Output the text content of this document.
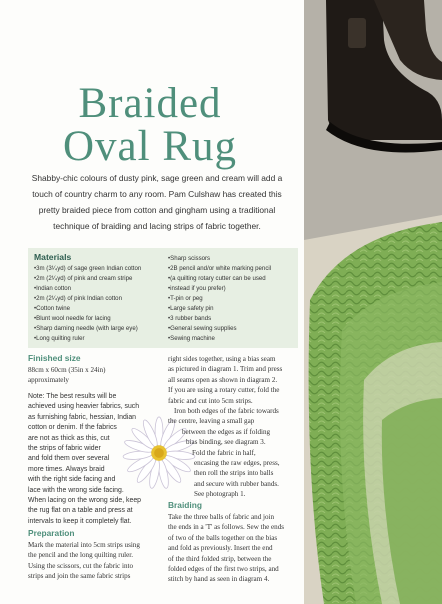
Braided
Oval Rug
Shabby-chic colours of dusty pink, sage green and cream will add a touch of country charm to any room. Pam Culshaw has created this pretty braided piece from cotton and gingham using a traditional technique of braiding and lacing strips of fabric together.
Materials
• 3m (3¹⁄₄yd) of sage green Indian cotton
• 2m (2¹⁄₄yd) of pink and cream stripe
• Indian cotton
• 2m (2¹⁄₄yd) of pink Indian cotton
• Cotton twine
• Blunt wool needle for lacing
• Sharp darning needle (with large eye)
• Long quilting ruler
• Sharp scissors
• 2B pencil and/or white marking pencil
• (a quilting rotary cutter can be used
• instead if you prefer)
• T-pin or peg
• Large safety pin
• 3 rubber bands
• General sewing supplies
• Sewing machine
Finished size

88cm x 60cm (35in x 24in)

approximately

Note: The best results will be

achieved using heavier fabrics, such

as furnishing fabric, hessian, Indian

cotton or denim. If the fabrics

are not as thick as this, cut

the strips of fabric wider

and fold them over several

more times. Always braid

with the right side facing and

lace with the wrong side facing.

When lacing on the wrong side, keep

the rug flat on a table and press at

intervals to keep it completely flat.

Preparation

Mark the material into 5cm strips using

the pencil and the long quilting ruler.

Using the scissors, cut the fabric into

strips and join the same fabric strips

right sides together, using a bias seam

as pictured in diagram 1. Trim and press

all seams open as shown in diagram 2.

If you are using a rotary cutter, fold the

fabric and cut into 5cm strips.

Iron both edges of the fabric towards

the centre, leaving a small gap

between the edges as if folding

bias binding, see diagram 3.

Fold the fabric in half,

encasing the raw edges, press,

then roll the strips into balls

and secure with rubber bands.

See photograph 1.

Braiding

Take the three balls of fabric and join

the ends in a 'T' as follows. Sew the ends

of two of the balls together on the bias

and fold as previously. Insert the end

of the third folded strip, between the

folded edges of the first two strips, and

stitch by hand as seen in diagram 4.
